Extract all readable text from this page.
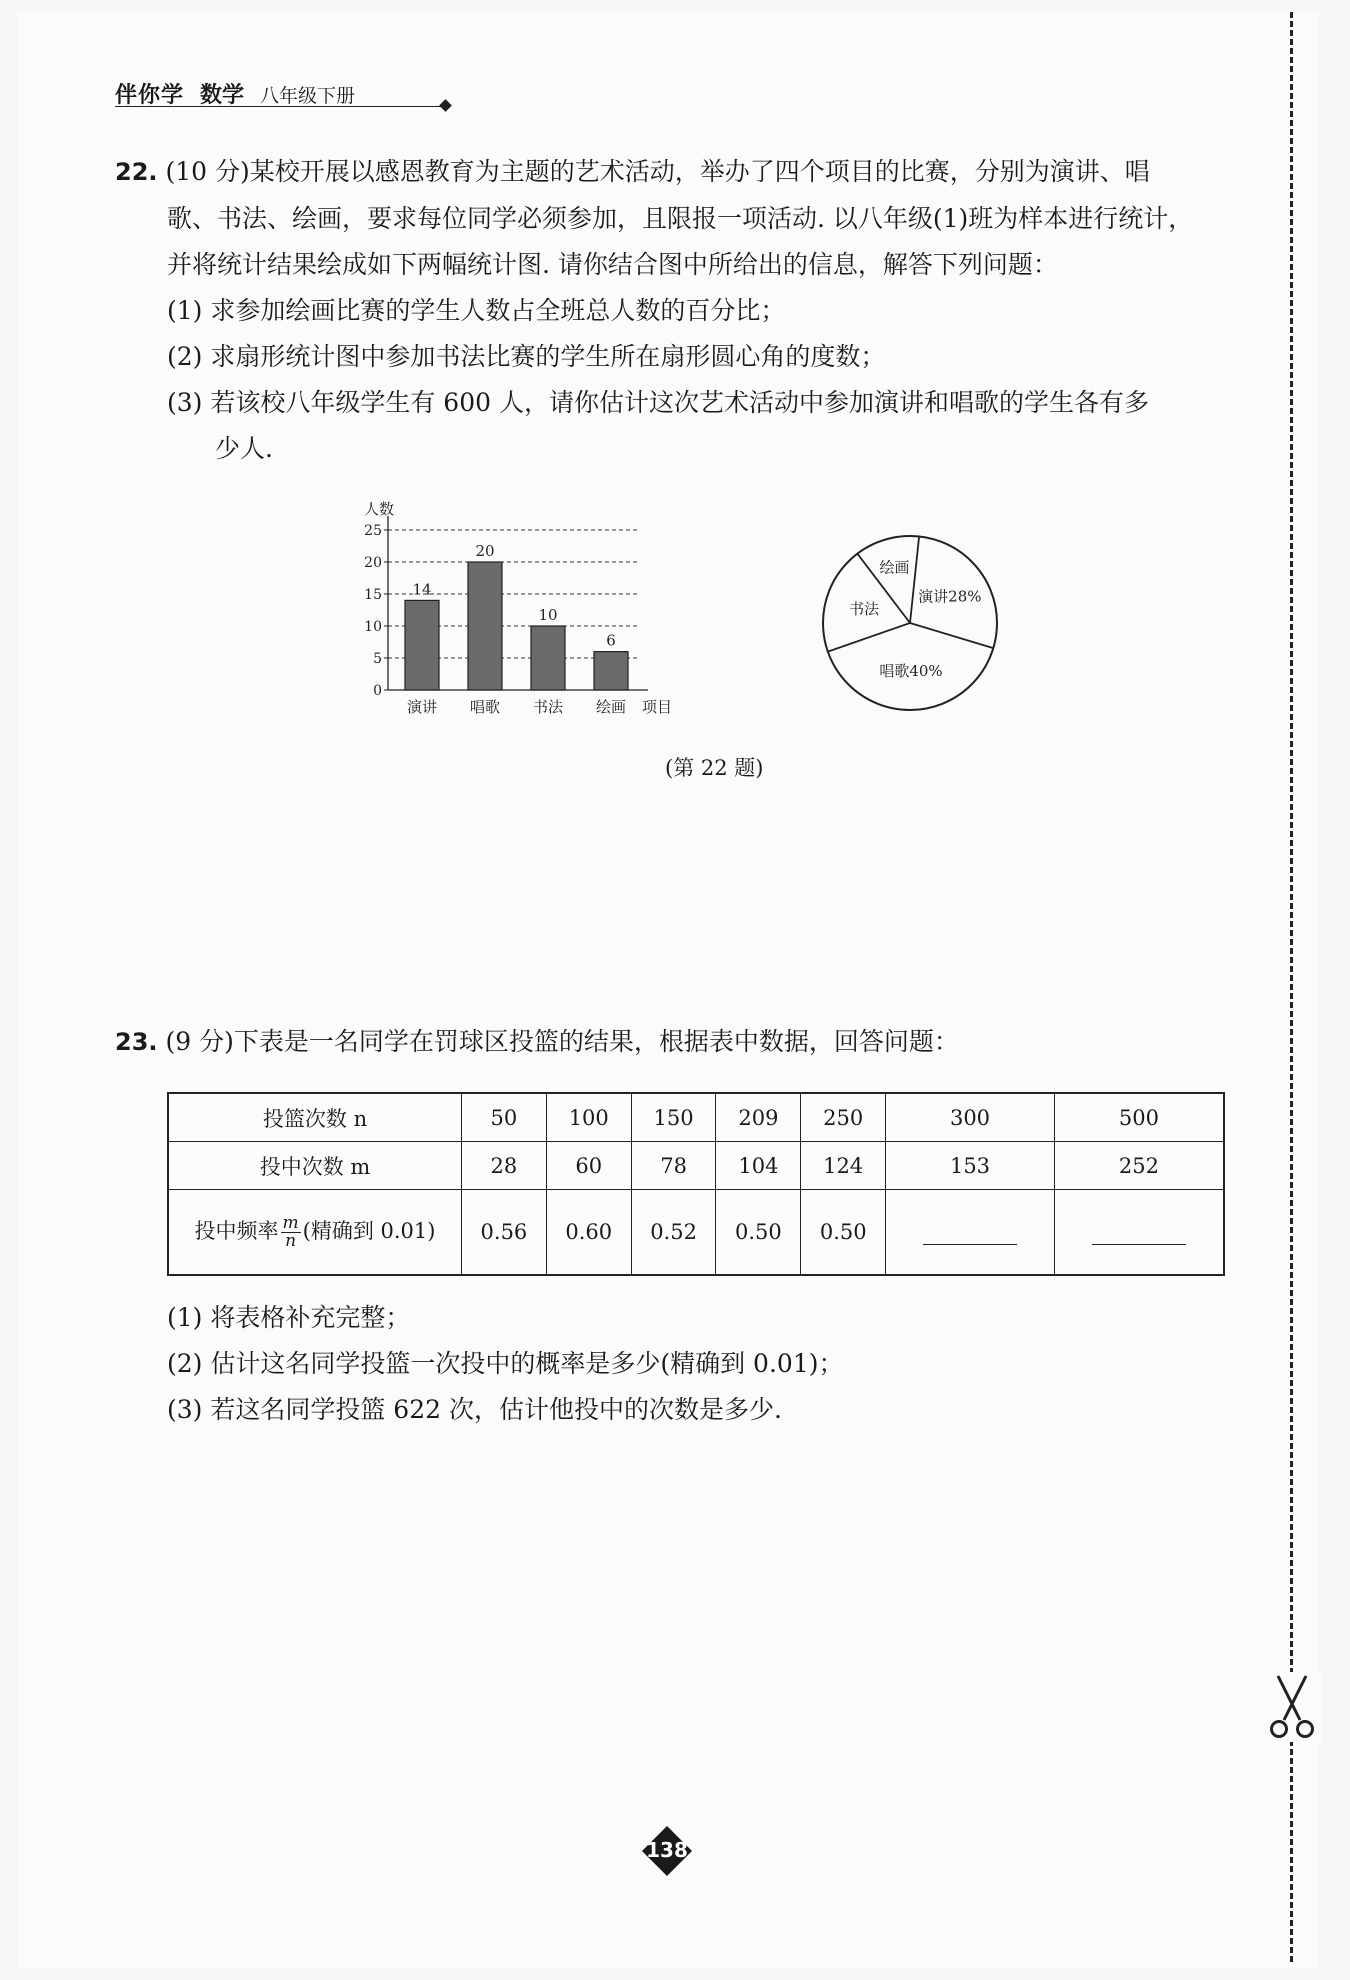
伴你学 数学 八年级下册
22. (10 分)某校开展以感恩教育为主题的艺术活动，举办了四个项目的比赛，分别为演讲、唱
歌、书法、绘画，要求每位同学必须参加，且限报一项活动. 以八年级(1)班为样本进行统计，
并将统计结果绘成如下两幅统计图. 请你结合图中所给出的信息，解答下列问题：
(1) 求参加绘画比赛的学生人数占全班总人数的百分比；
(2) 求扇形统计图中参加书法比赛的学生所在扇形圆心角的度数；
(3) 若该校八年级学生有 600 人，请你估计这次艺术活动中参加演讲和唱歌的学生各有多
少人.
0
5
10
15
20
25
人数
项目
14
演讲
20
唱歌
10
书法
6
绘画
演讲28%
唱歌40%
书法
绘画
(第 22 题)
23. (9 分)下表是一名同学在罚球区投篮的结果，根据表中数据，回答问题：
投篮次数 n	50	100	150	209	250	300	500
投中次数 m	28	60	78	104	124	153	252
投中频率 $\frac{m}{n}$ (精确到 0.01)	0.56	0.60	0.52	0.50	0.50		
(1) 将表格补充完整；
(2) 估计这名同学投篮一次投中的概率是多少(精确到 0.01)；
(3) 若这名同学投篮 622 次，估计他投中的次数是多少.
138
